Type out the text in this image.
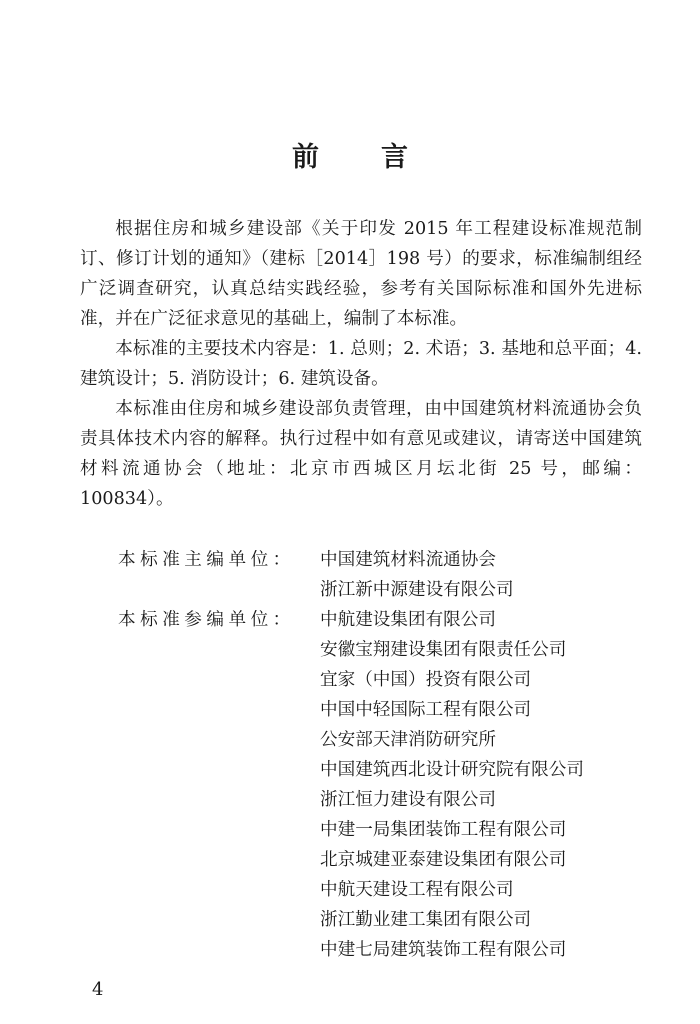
前言

根据住房和城乡建设部《关于印发 2015 年工程建设标准规范制订、修订计划的通知》（建标［2014］198 号）的要求，标准编制组经广泛调查研究，认真总结实践经验，参考有关国际标准和国外先进标准，并在广泛征求意见的基础上，编制了本标准。

本标准的主要技术内容是：1. 总则；2. 术语；3. 基地和总平面；4. 建筑设计；5. 消防设计；6. 建筑设备。

本标准由住房和城乡建设部负责管理，由中国建筑材料流通协会负责具体技术内容的解释。执行过程中如有意见或建议，请寄送中国建筑材料流通协会（地址：北京市西城区月坛北街 25 号，邮编：100834）。

本标准主编单位：	中国建筑材料流通协会
浙江新中源建设有限公司
本标准参编单位：	中航建设集团有限公司
安徽宝翔建设集团有限责任公司
宜家（中国）投资有限公司
中国中轻国际工程有限公司
公安部天津消防研究所
中国建筑西北设计研究院有限公司
浙江恒力建设有限公司
中建一局集团装饰工程有限公司
北京城建亚泰建设集团有限公司
中航天建设工程有限公司
浙江勤业建工集团有限公司
中建七局建筑装饰工程有限公司
4
